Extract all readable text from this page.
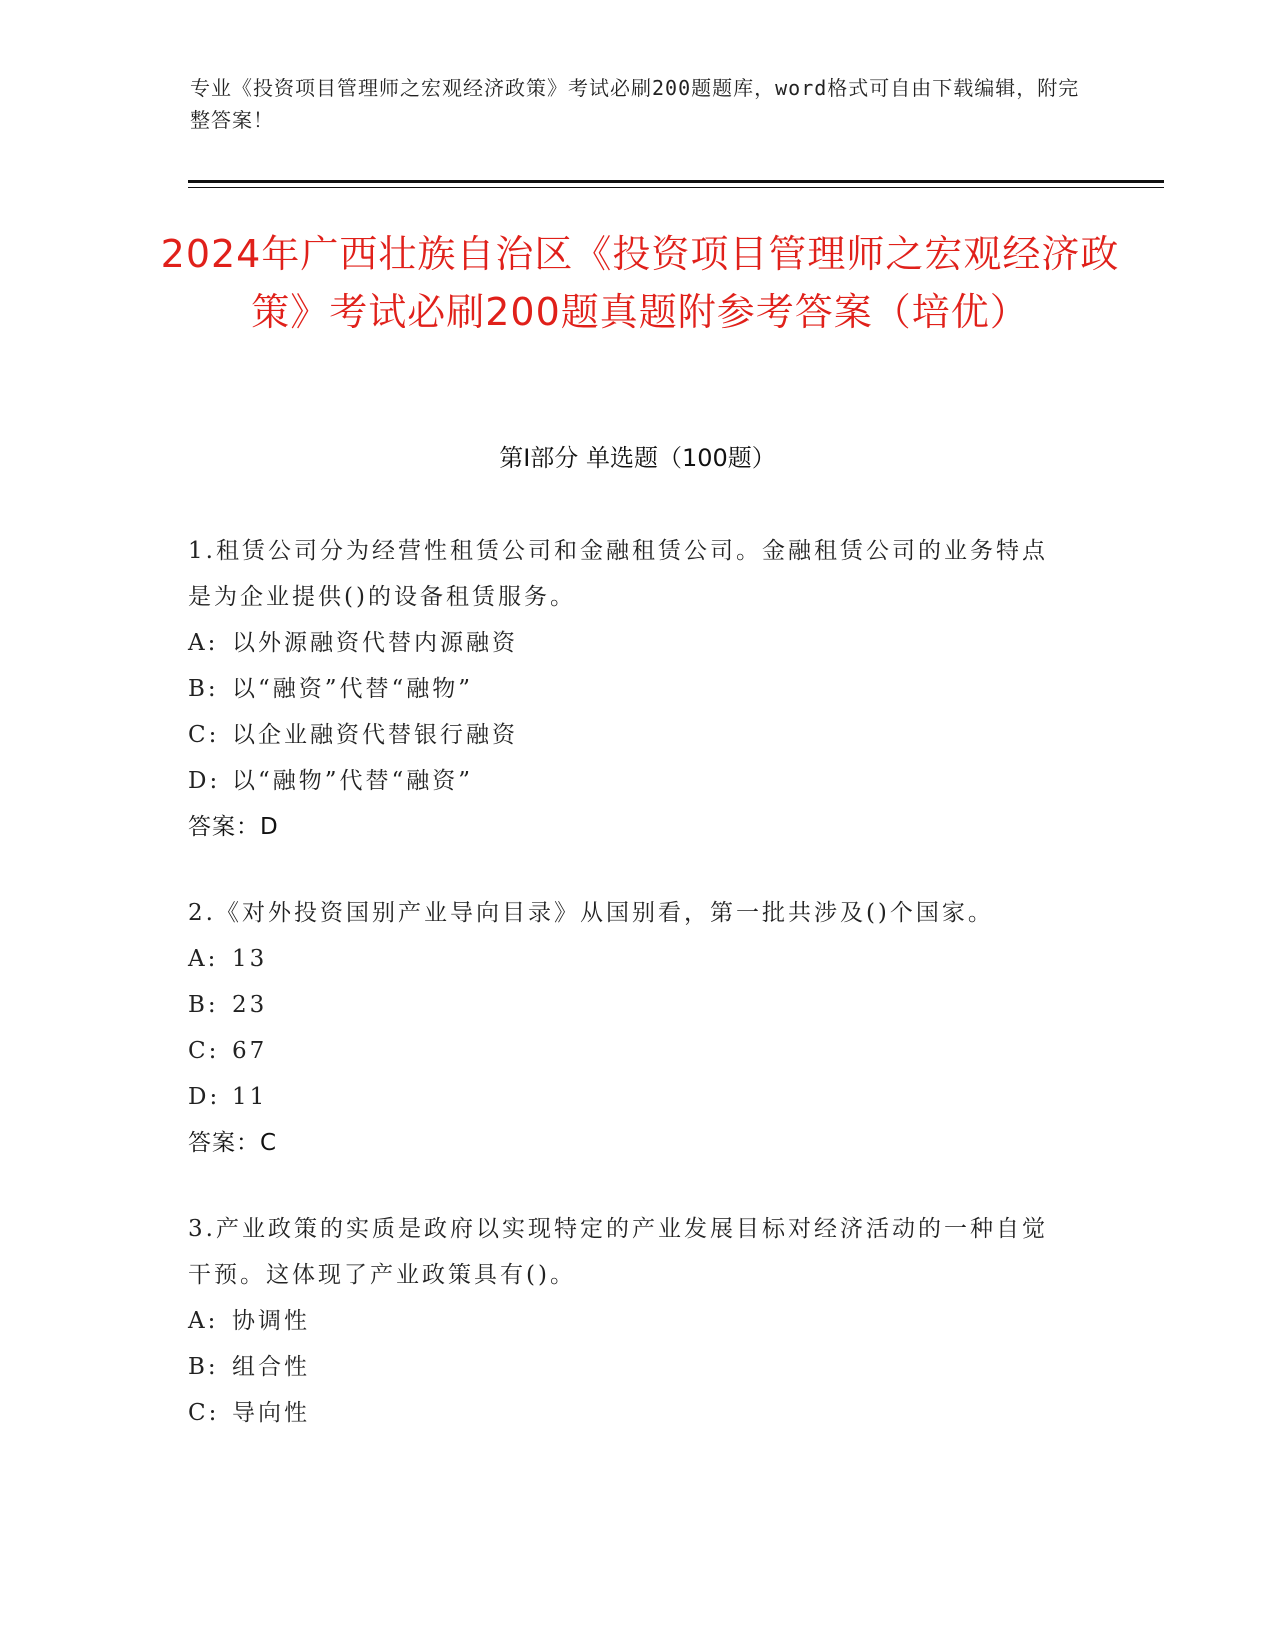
专业《投资项目管理师之宏观经济政策》考试必刷200题题库，word格式可自由下载编辑，附完整答案！
2024年广西壮族自治区《投资项目管理师之宏观经济政策》考试必刷200题真题附参考答案（培优）
第Ⅰ部分 单选题（100题）
1.租赁公司分为经营性租赁公司和金融租赁公司。金融租赁公司的业务特点是为企业提供()的设备租赁服务。
A: 以外源融资代替内源融资
B: 以“融资”代替“融物”
C: 以企业融资代替银行融资
D: 以“融物”代替“融资”
答案：D
2.《对外投资国别产业导向目录》从国别看，第一批共涉及()个国家。
A: 13
B: 23
C: 67
D: 11
答案：C
3.产业政策的实质是政府以实现特定的产业发展目标对经济活动的一种自觉干预。这体现了产业政策具有()。
A: 协调性
B: 组合性
C: 导向性
